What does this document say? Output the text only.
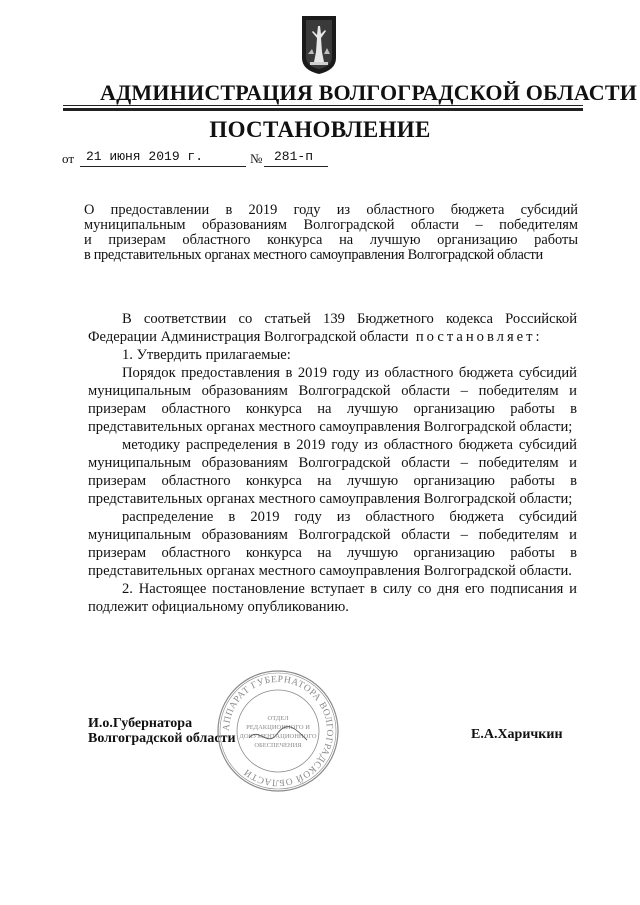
АДМИНИСТРАЦИЯ ВОЛГОГРАДСКОЙ ОБЛАСТИ
ПОСТАНОВЛЕНИЕ
от 21 июня 2019 г.	№ 281-п
О предоставлении в 2019 году из областного бюджета субсидий
муниципальным образованиям Волгоградской области – победителям
и призерам областного конкурса на лучшую организацию работы
в представительных органах местного самоуправления Волгоградской области

В соответствии со статьей 139 Бюджетного кодекса Российской Федерации Администрация Волгоградской области постановляет:

1. Утвердить прилагаемые:

Порядок предоставления в 2019 году из областного бюджета субсидий муниципальным образованиям Волгоградской области – победителям и призерам областного конкурса на лучшую организацию работы в представительных органах местного самоуправления Волгоградской области;

методику распределения в 2019 году из областного бюджета субсидий муниципальным образованиям Волгоградской области – победителям и призерам областного конкурса на лучшую организацию работы в представительных органах местного самоуправления Волгоградской области;

распределение в 2019 году из областного бюджета субсидий муниципальным образованиям Волгоградской области – победителям и призерам областного конкурса на лучшую организацию работы в представительных органах местного самоуправления Волгоградской области.

2. Настоящее постановление вступает в силу со дня его подписания и подлежит официальному опубликованию.

И.о.Губернатора
Волгоградской области	Е.А.Харичкин
АППАРАТ ГУБЕРНАТОРА ВОЛГОГРАДСКОЙ ОБЛАСТИ
ОТДЕЛ
РЕДАКЦИОННОГО И
ДОКУМЕНТАЦИОННОГО
ОБЕСПЕЧЕНИЯ
